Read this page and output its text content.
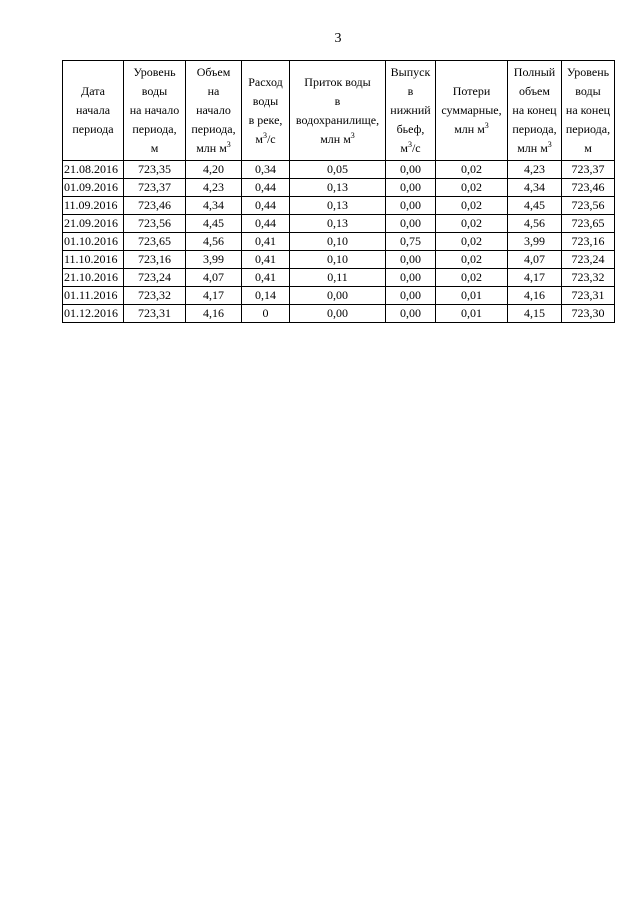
3
Дата
начала
периода	Уровень
воды
на начало
периода,
м	Объем
на
начало
периода,
млн $м^3$	Расход
воды
в реке,
$м^3/с$	Приток воды
в
водохранилище,
млн $м^3$	Выпуск
в
нижний
бьеф,
$м^3/с$	Потери
суммарные,
млн $м^3$	Полный
объем
на конец
периода,
млн $м^3$	Уровень
воды
на конец
периода,
м

21.08.2016	723,35	4,20	0,34	0,05	0,00	0,02	4,23	723,37
01.09.2016	723,37	4,23	0,44	0,13	0,00	0,02	4,34	723,46
11.09.2016	723,46	4,34	0,44	0,13	0,00	0,02	4,45	723,56
21.09.2016	723,56	4,45	0,44	0,13	0,00	0,02	4,56	723,65
01.10.2016	723,65	4,56	0,41	0,10	0,75	0,02	3,99	723,16
11.10.2016	723,16	3,99	0,41	0,10	0,00	0,02	4,07	723,24
21.10.2016	723,24	4,07	0,41	0,11	0,00	0,02	4,17	723,32
01.11.2016	723,32	4,17	0,14	0,00	0,00	0,01	4,16	723,31
01.12.2016	723,31	4,16	0	0,00	0,00	0,01	4,15	723,30
